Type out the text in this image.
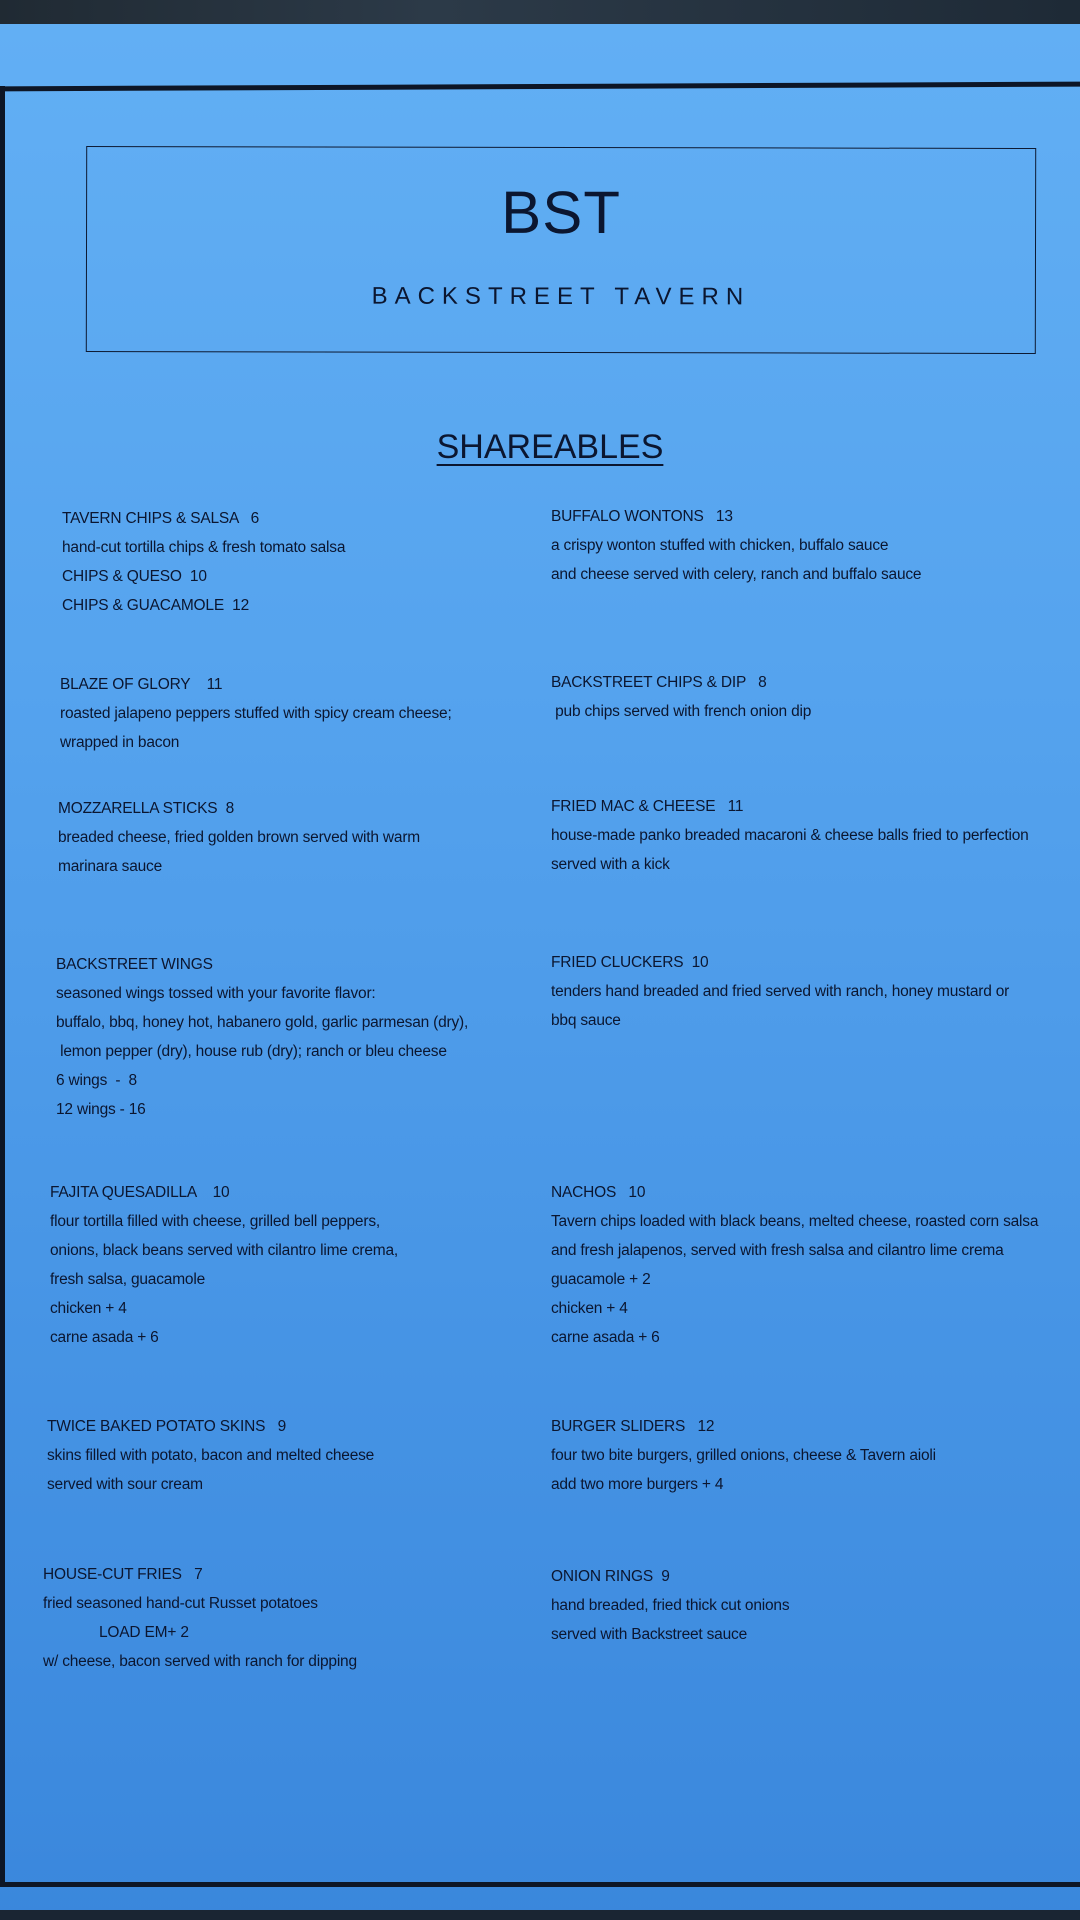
BST
BACKSTREET TAVERN
SHAREABLES
TAVERN CHIPS & SALSA   6
hand-cut tortilla chips & fresh tomato salsa
CHIPS & QUESO  10
CHIPS & GUACAMOLE  12
BLAZE OF GLORY    11
roasted jalapeno peppers stuffed with spicy cream cheese;
wrapped in bacon
MOZZARELLA STICKS  8
breaded cheese, fried golden brown served with warm
marinara sauce
BACKSTREET WINGS
seasoned wings tossed with your favorite flavor:
buffalo, bbq, honey hot, habanero gold, garlic parmesan (dry),
lemon pepper (dry), house rub (dry); ranch or bleu cheese
6 wings  -  8
12 wings - 16
FAJITA QUESADILLA    10
flour tortilla filled with cheese, grilled bell peppers,
onions, black beans served with cilantro lime crema,
fresh salsa, guacamole
chicken + 4
carne asada + 6
TWICE BAKED POTATO SKINS   9
skins filled with potato, bacon and melted cheese
served with sour cream
HOUSE-CUT FRIES   7
fried seasoned hand-cut Russet potatoes
LOAD EM+ 2
w/ cheese, bacon served with ranch for dipping
BUFFALO WONTONS   13
a crispy wonton stuffed with chicken, buffalo sauce
and cheese served with celery, ranch and buffalo sauce
BACKSTREET CHIPS & DIP   8
pub chips served with french onion dip
FRIED MAC & CHEESE   11
house-made panko breaded macaroni & cheese balls fried to perfection
served with a kick
FRIED CLUCKERS  10
tenders hand breaded and fried served with ranch, honey mustard or
bbq sauce
NACHOS   10
Tavern chips loaded with black beans, melted cheese, roasted corn salsa
and fresh jalapenos, served with fresh salsa and cilantro lime crema
guacamole + 2
chicken + 4
carne asada + 6
BURGER SLIDERS   12
four two bite burgers, grilled onions, cheese & Tavern aioli
add two more burgers + 4
ONION RINGS  9
hand breaded, fried thick cut onions
served with Backstreet sauce
